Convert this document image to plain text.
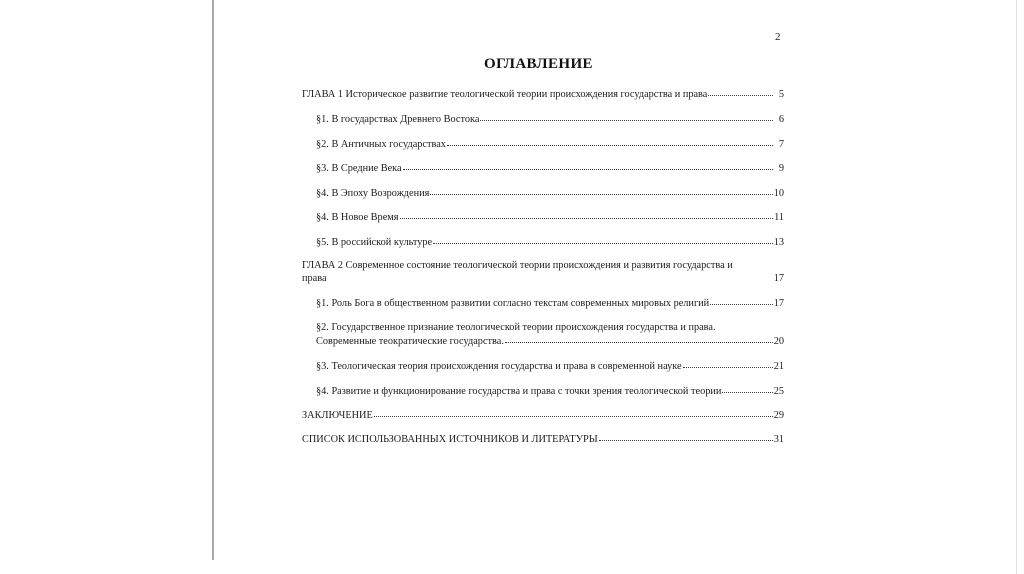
2
ОГЛАВЛЕНИЕ
ГЛАВА 1 Историческое развитие теологической теории происхождения государства и права	5
§1. В государствах Древнего Востока	6
§2. В Античных государствах	7
§3. В Средние Века	9
§4. В Эпоху Возрождения	10
§4. В Новое Время	11
§5. В российской культуре	13
ГЛАВА 2 Современное состояние теологической теории происхождения и развития государства и
права	17
§1. Роль Бога в общественном развитии согласно текстам современных мировых религий	17
§2. Государственное признание теологической теории происхождения государства и права.
Современные теократические государства.	20
§3. Теологическая теория происхождения государства и права в современной науке	21
§4. Развитие и функционирование государства и права с точки зрения теологической теории	25
ЗАКЛЮЧЕНИЕ	29
СПИСОК ИСПОЛЬЗОВАННЫХ ИСТОЧНИКОВ И ЛИТЕРАТУРЫ	31
